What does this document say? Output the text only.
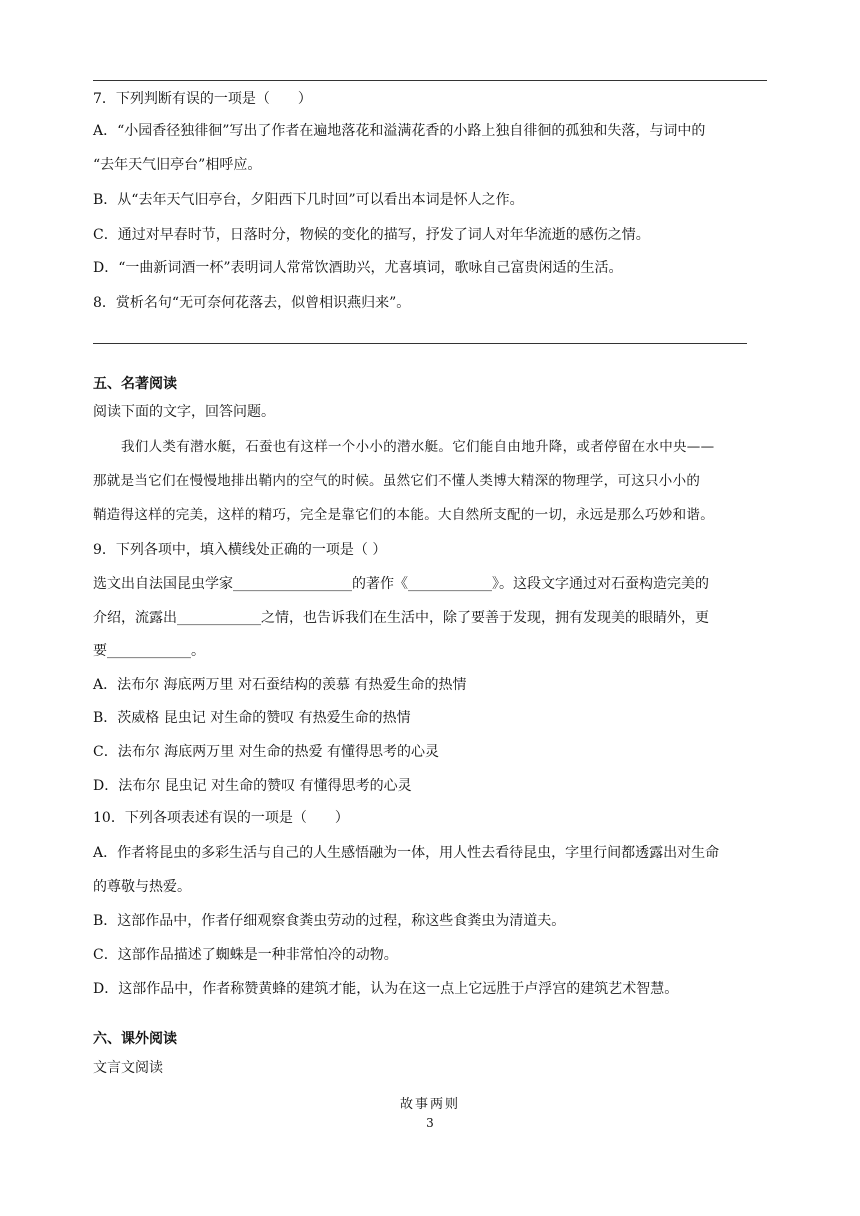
7．下列判断有误的一项是（　　）
A．“小园香径独徘徊”写出了作者在遍地落花和溢满花香的小路上独自徘徊的孤独和失落，与词中的
“去年天气旧亭台”相呼应。
B．从“去年天气旧亭台，夕阳西下几时回”可以看出本词是怀人之作。
C．通过对早春时节，日落时分，物候的变化的描写，抒发了词人对年华流逝的感伤之情。
D．“一曲新词酒一杯”表明词人常常饮酒助兴，尤喜填词，歌咏自己富贵闲适的生活。
8．赏析名句“无可奈何花落去，似曾相识燕归来”。
五、名著阅读
阅读下面的文字，回答问题。
我们人类有潜水艇，石蚕也有这样一个小小的潜水艇。它们能自由地升降，或者停留在水中央——
那就是当它们在慢慢地排出鞘内的空气的时候。虽然它们不懂人类博大精深的物理学，可这只小小的
鞘造得这样的完美，这样的精巧，完全是靠它们的本能。大自然所支配的一切，永远是那么巧妙和谐。
9．下列各项中，填入横线处正确的一项是（ ）
选文出自法国昆虫学家_________________的著作《____________》。这段文字通过对石蚕构造完美的
介绍，流露出____________之情，也告诉我们在生活中，除了要善于发现，拥有发现美的眼睛外，更
要____________。
A．法布尔 海底两万里 对石蚕结构的羡慕 有热爱生命的热情
B．茨威格 昆虫记 对生命的赞叹 有热爱生命的热情
C．法布尔 海底两万里 对生命的热爱 有懂得思考的心灵
D．法布尔 昆虫记 对生命的赞叹 有懂得思考的心灵
10．下列各项表述有误的一项是（　　）
A．作者将昆虫的多彩生活与自己的人生感悟融为一体，用人性去看待昆虫，字里行间都透露出对生命
的尊敬与热爱。
B．这部作品中，作者仔细观察食粪虫劳动的过程，称这些食粪虫为清道夫。
C．这部作品描述了蜘蛛是一种非常怕冷的动物。
D．这部作品中，作者称赞黄蜂的建筑才能，认为在这一点上它远胜于卢浮宫的建筑艺术智慧。
六、课外阅读
文言文阅读
故事两则
3
